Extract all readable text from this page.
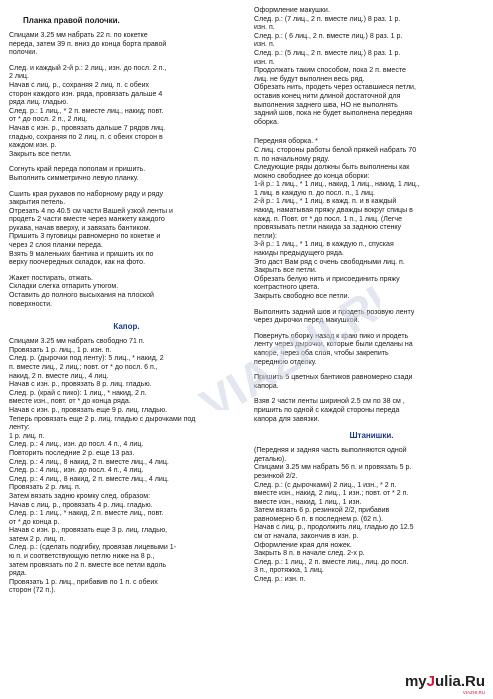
Планка правой полочки.

Спицами 3.25 мм набрать 22 п. по кокетке
переда, затем 39 п. вниз до конца борта правой
полочки.

След. и каждый 2-й р.: 2 лиц., изн. до посл. 2 п.,
2 лиц.
Начав с лиц. р., сохраняя 2 лиц. п. с обеих
сторон каждого изн. ряда, провязать дальше 4
ряда лиц. гладью.
След. р.: 1 лиц., * 2 п. вместе лиц., накид; повт.
от * до посл. 2 п., 2 лиц.
Начав с изн. р., провязать дальше 7 рядов лиц.
гладью, сохраняя по 2 лиц. п. с обеих сторон в
каждом изн. р.
Закрыть все петли.

Согнуть край переда пополам и пришить.
Выполнить симметрично левую планку.

Сшить края рукавов по наборному ряду и ряду
закрытия петель.
Отрезать 4 по 40.5 см части Вашей узкой ленты и
продеть 2 части вместе через манжету каждого
рукава, начав вверху, и завязать бантиком.
Пришить 3 пуговицы равномерно по кокетке и
через 2 слоя планки переда.
Взять 9 маленьких бантика и пришить их по
верху поочередных складок, как на фото.

Жакет постирать, отжать.
Складки слегка отпарить утюгом.
Оставить до полного высыхания на плоской
поверхности.

Капор.

Спицами 3.25 мм набрать свободно 71 п.
Провязать 1 р. лиц., 1 р. изн. п.
След. р. (дырочки под ленту): 5 лиц., * накид, 2
п. вместе лиц., 2 лиц.; повт. от * до посл. 6 п.,
накид, 2 п. вместе лиц., 4 лиц.
Начав с изн. р., провязать 8 р. лиц. гладью.
След. р. (край с пико): 1 лиц., * накид, 2 п.
вместе изн., повт. от * до конца ряда.
Начав с изн. р., провязать еще 9 р. лиц. гладью.
Теперь провязать еще 2 р. лиц. гладью с дырочками под
ленту:
1 р. лиц. п.
След. р.: 4 лиц., изн. до посл. 4 п., 4 лиц.
Повторить последние 2 р. еще 13 раз.
След. р.: 4 лиц., 8 накид, 2 п. вместе лиц., 4 лиц.
След. р.: 4 лиц., изн. до посл. 4 п., 4 лиц.
След. р.: 4 лиц., 8 накид, 2 п. вместе лиц., 4 лиц.
Провязать 2 р. лиц. п.
Затем вязать задню кромку след. образом:
Начав с лиц. р., провязать 4 р. лиц. гладью.
След. р.: 1 лиц., * накид, 2 п. вместе лиц., повт.
от * до конца р.
Начав с изн. р., провязать еще 3 р. лиц. гладью,
затем 2 р. лиц. п.
След. р.: (сделать подгибку, провязав лицевыми 1-
ю п. и соответствующую петлю ниже на 8 р.,
затем провязать по 2 п. вместе все петли вдоль
ряда.
Провязать 1 р. лиц., прибавив по 1 п. с обеих
сторон (72 п.).

Оформление макушки.
След. р.: (7 лиц., 2 п. вместе лиц.) 8 раз. 1 р.
изн. п.
След. р.: ( 6 лиц., 2 п. вместе лиц.) 8 раз. 1 р.
изн. п.
След. р.: (5 лиц., 2 п. вместе лиц.) 8 раз. 1 р.
изн. п.
Продолжать таким способом, пока 2 п. вместе
лиц. не будут выполнен весь ряд.
Обрезать нить, продеть через оставшиеся петли,
оставив конец нити длиной достаточной для
выполнения заднего шва, НО не выполнять
задний шов, пока не будет выполнена передняя
оборка.

Передняя оборка. *
С лиц. стороны работы белой пряжей набрать 70
п. по начальному ряду.
Следующие ряды должны быть выполнены как
можно свободнее до конца оборки:
1-й р.: 1 лиц., * 1 лиц., накид, 1 лиц., накид, 1 лиц.,
1 лиц. в каждую п. до посл. п., 1 лиц.
2-й р.: 1 лиц., * 1 лиц. в кажд. п. и в каждый
накид, наматывая пряжу дважды вокруг спицы в
кажд. п. Повт. от * до посл. 1 п., 1 лиц. (Легче
провязывать петли накида за заднюю стенку
петли):
3-й р.: 1 лиц., * 1 лиц. в каждую п., спуская
накиды предыдущего ряда.
Это даст Вам ряд с очень свободными лиц. п.
Закрыть все петли.
Обрезать белую нить и присоединить пряжу
контрастного цвета.
Закрыть свободно все петли.

Выполнить задний шов и продеть розовую ленту
через дырочки перед макушкой.

Повернуть оборку назад к краю пико и продеть
ленту через дырочки, которые были сделаны на
капоре, через оба слоя, чтобы закрепить
переднюю отделку.

Пришить 5 цветных бантиков равномерно сзади
капора.

Взяв 2 части ленты шириной 2.5 см по 38 см ,
пришить по одной с каждой стороны переда
капора для завязки.

Штанишки.

(Передняя и задняя часть выполняются одной
деталью).
Спицами 3.25 мм набрать 56 п. и провязать 5 р.
резинкой 2/2.
След. р.: (с дырочками) 2 лиц., 1 изн., * 2 п.
вместе изн., накид, 2 лиц., 1 изн.; повт. от * 2 п.
вместе изн., накид, 1 лиц., 1 изн.
Затем вязать 6 р. резинкой 2/2, прибавив
равномерно 6 п. в последнем р. (62 п.).
Начав с лиц. р., продолжить лиц. гладью до 12.5
см от начала, закончив в изн. р.
Оформление края для ножек.
Закрыть 8 п. в начале след. 2-х р.
След. р.: 1 лиц., 2 п. вместе лиц., лиц. до посл.
3 п., протяжка, 1 лиц.
След. р.: изн. п.

VIAZHI.RU
myJulia.Ru
VIAZHI.RU
